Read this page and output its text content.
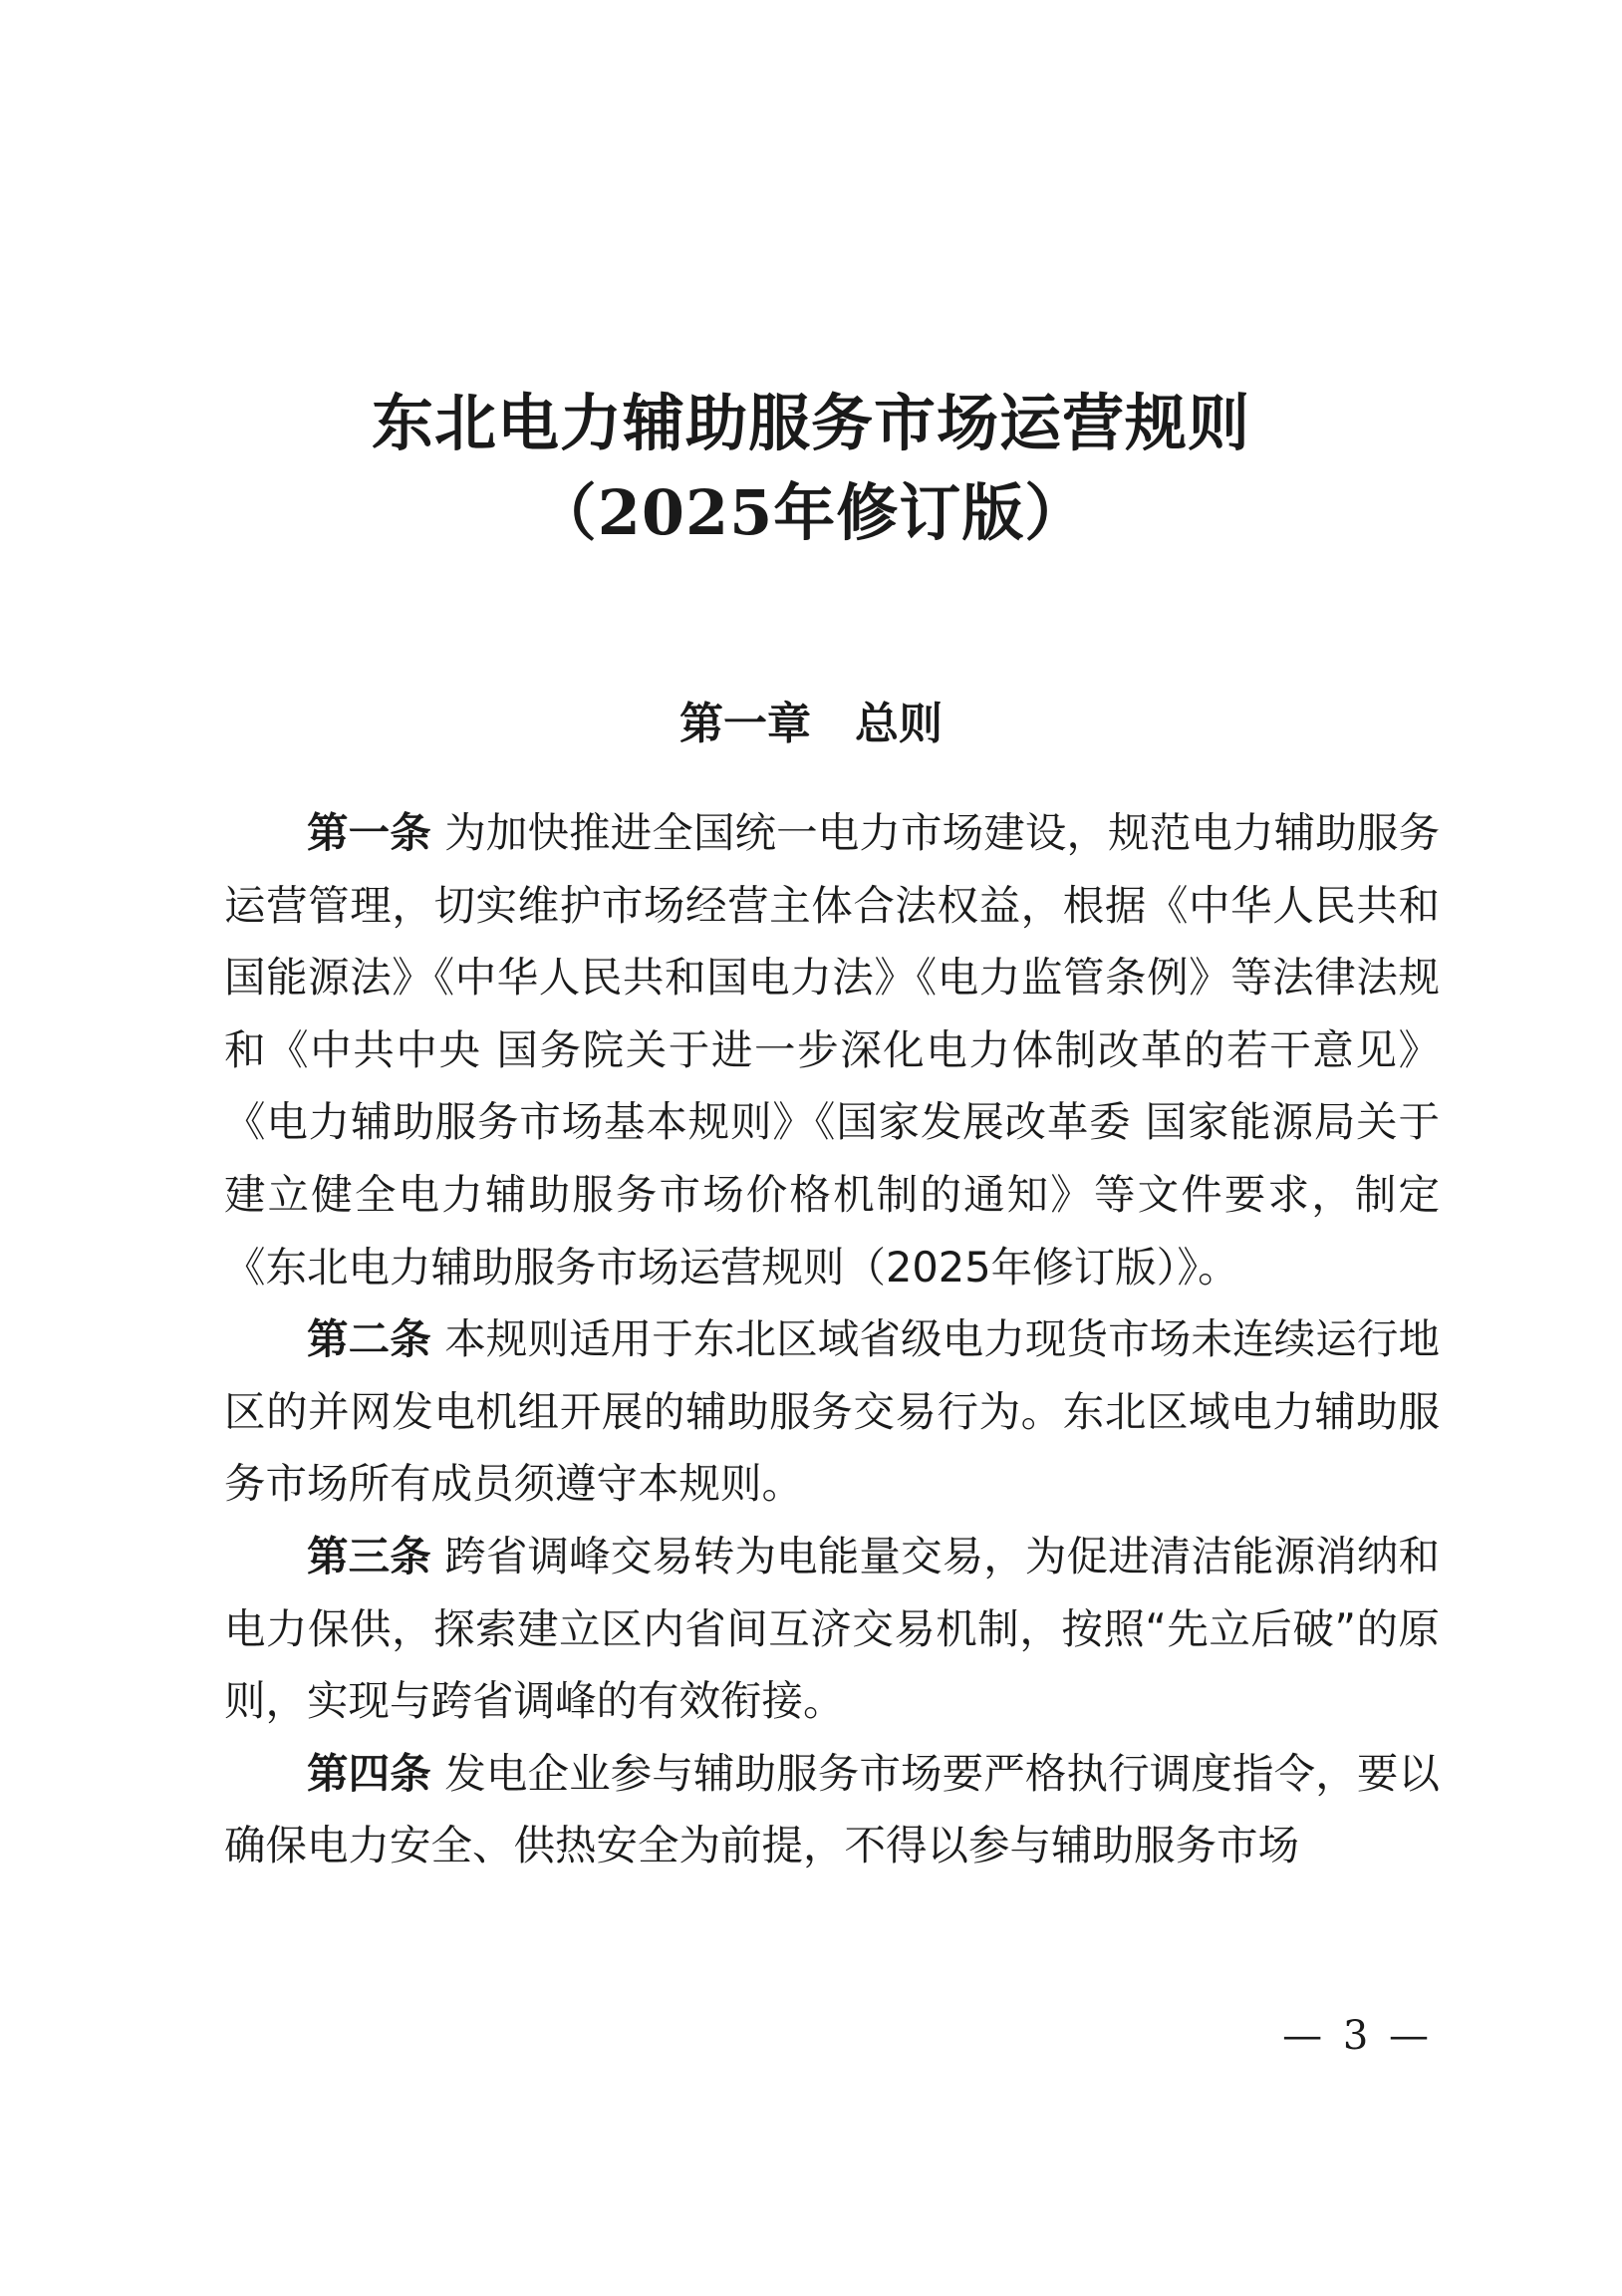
东北电力辅助服务市场运营规则
（2025年修订版）
第一章 总则

第一条 为加快推进全国统一电力市场建设，规范电力辅助服务运营管理，切实维护市场经营主体合法权益，根据《中华人民共和国能源法》《中华人民共和国电力法》《电力监管条例》等法律法规和《中共中央 国务院关于进一步深化电力体制改革的若干意见》《电力辅助服务市场基本规则》《国家发展改革委 国家能源局关于建立健全电力辅助服务市场价格机制的通知》等文件要求，制定《东北电力辅助服务市场运营规则（2025年修订版）》。

第二条 本规则适用于东北区域省级电力现货市场未连续运行地区的并网发电机组开展的辅助服务交易行为。东北区域电力辅助服务市场所有成员须遵守本规则。

第三条 跨省调峰交易转为电能量交易，为促进清洁能源消纳和电力保供，探索建立区内省间互济交易机制，按照“先立后破”的原则，实现与跨省调峰的有效衔接。

第四条 发电企业参与辅助服务市场要严格执行调度指令，要以确保电力安全、供热安全为前提，不得以参与辅助服务市场

— 3 —
